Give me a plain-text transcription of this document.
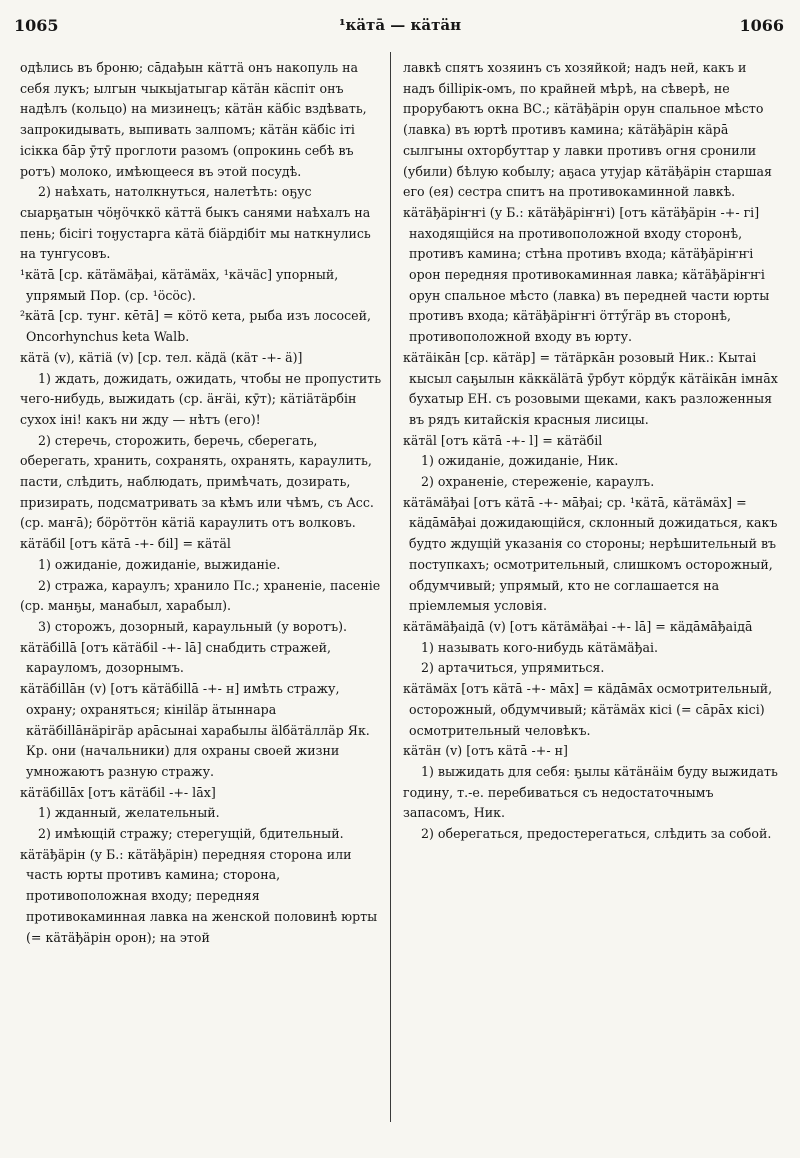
1065	¹кäтā — кäтäн	1066

одѣлись въ броню; сāдађын кäттä онъ накопуль на себя лукъ; ылгын чыкыјатыгар кäтäн кäспіт онъ надѣлъ (кольцо) на мизинецъ; кäтäн кäбіс вздѣвать, запрокидывать, выпивать залпомъ; кäтäн кäбіс іті ісікка бāр ӯтӯ проглоти разомъ (опрокинь себѣ въ ротъ) молоко, имѣющееся въ этой посудѣ.

2) наѣхать, натолкнуться, налетѣть: оҕус сыарҕатын чöӈöчккö кäттä быкъ санями наѣхалъ на пень; бісігі тоӈустарга кäтä біäрдібіт мы наткнулись на тунгусовъ.

¹кäтā [ср. кäтäмäђаі, кäтäмäх, ¹кäчäс] упорный, упрямый Пор. (ср. ¹öсöс).

²кäтā [ср. тунг. кēтā] = кöтö кета, рыба изъ лососей, Oncorhynchus keta Walb.

кäтä (v), кäтiä (v) [ср. тел. кäдä (кäт -+- ä)]

1) ждать, дожидать, ожидать, чтобы не пропустить чего-нибудь, выжидать (ср. äҥäі, кӯт); кäтiäтäрбін сухох іні! какъ ни жду — нѣтъ (его)!

2) стеречь, сторожить, беречь, сберегать, оберегать, хранить, сохранять, охранять, караулить, пасти, слѣдить, наблюдать, примѣчать, дозирать, призирать, подсматривать за кѣмъ или чѣмъ, съ Acc. (ср. маҥā); бöрöттöн кäтiä караулить отъ волковъ.

кäтäбіl [отъ кäтā -+- біl] = кäтäl

1) ожиданіе, дожиданіе, выжиданіе.

2) стража, караулъ; хранило Пс.; храненіе, пасеніе (ср. манҕы, манабыл, харабыл).

3) сторожъ, дозорный, караульный (у воротъ).

кäтäбіllā [отъ кäтäбіl -+- lā] снабдить стражей, карауломъ, дозорнымъ.

кäтäбіllāн (v) [отъ кäтäбіllā -+- н] имѣть стражу, охрану; охраняться; кініläр äтыннара кäтäбіllāнäрігäр арāсынаі харабылы älбäтäллäр Як. Кр. они (начальники) для охраны своей жизни умножаютъ разную стражу.

кäтäбіllāх [отъ кäтäбіl -+- lāх]

1) жданный, желательный.

2) имѣющій стражу; стерегущій, бдительный.

кäтäђäрін (у Б.: кäтäђäрін) передняя сторона или часть юрты противъ камина; сторона, противоположная входу; передняя противокаминная лавка на женской половинѣ юрты (= кäтäђäрін орон); на этой

лавкѣ спятъ хозяинъ съ хозяйкой; надъ ней, какъ и надъ біllірік-омъ, по крайней мѣрѣ, на сѣверѣ, не прорубаютъ окна ВС.; кäтäђäрін орун спальное мѣсто (лавка) въ юртѣ противъ камина; кäтäђäрін кäрā сылгыны охторбуттар у лавки противъ огня сронили (убили) бѣлую кобылу; аҕаса утуjар кäтäђäрін старшая его (ея) сестра спитъ на противокаминной лавкѣ.

кäтäђäріҥҥі (у Б.: кäтäђäріҥҥі) [отъ кäтäђäрін -+- гі] находящійся на противоположной входу сторонѣ, противъ камина; стѣна противъ входа; кäтäђäріҥҥі орон передняя противокаминная лавка; кäтäђäріҥҥі орун спальное мѣсто (лавка) въ передней части юрты противъ входа; кäтäђäріҥҥі öттӳгäр въ сторонѣ, противоположной входу въ юрту.

кäтäікāн [ср. кäтäр] = тäтäркāн розовый Ник.: Кытаі кысыл саҕылын кäккäläтā ӯрбут кöрдӳк кäтäікāн імнāх бухатыр ЕН. съ розовыми щеками, какъ разложенныя въ рядъ китайскія красныя лисицы.

кäтäl [отъ кäтā -+- l] = кäтäбіl

1) ожиданіе, дожиданіе, Ник.

2) охраненіе, стереженіе, караулъ.

кäтäмäђаі [отъ кäтā -+- мāђаі; ср. ¹кäтā, кäтäмäх] = кäдāмāђаі дожидающійся, склонный дожидаться, какъ будто ждущій указанія со стороны; нерѣшительный въ поступкахъ; осмотрительный, слишкомъ осторожный, обдумчивый; упрямый, кто не соглашается на пріемлемыя условія.

кäтäмäђаідā (v) [отъ кäтäмäђаі -+- lā] = кäдāмāђаідā

1) называть кого-нибудь кäтäмäђаі.

2) артачиться, упрямиться.

кäтäмäх [отъ кäтā -+- мāх] = кäдāмāх осмотрительный, осторожный, обдумчивый; кäтäмäх кісі (= сāрāх кісі) осмотрительный человѣкъ.

кäтäн (v) [отъ кäтā -+- н]

1) выжидать для себя: ҕылы кäтäнäім буду выжидать годину, т.-е. перебиваться съ недостаточнымъ запасомъ, Ник.

2) оберегаться, предостерегаться, слѣдить за собой.
